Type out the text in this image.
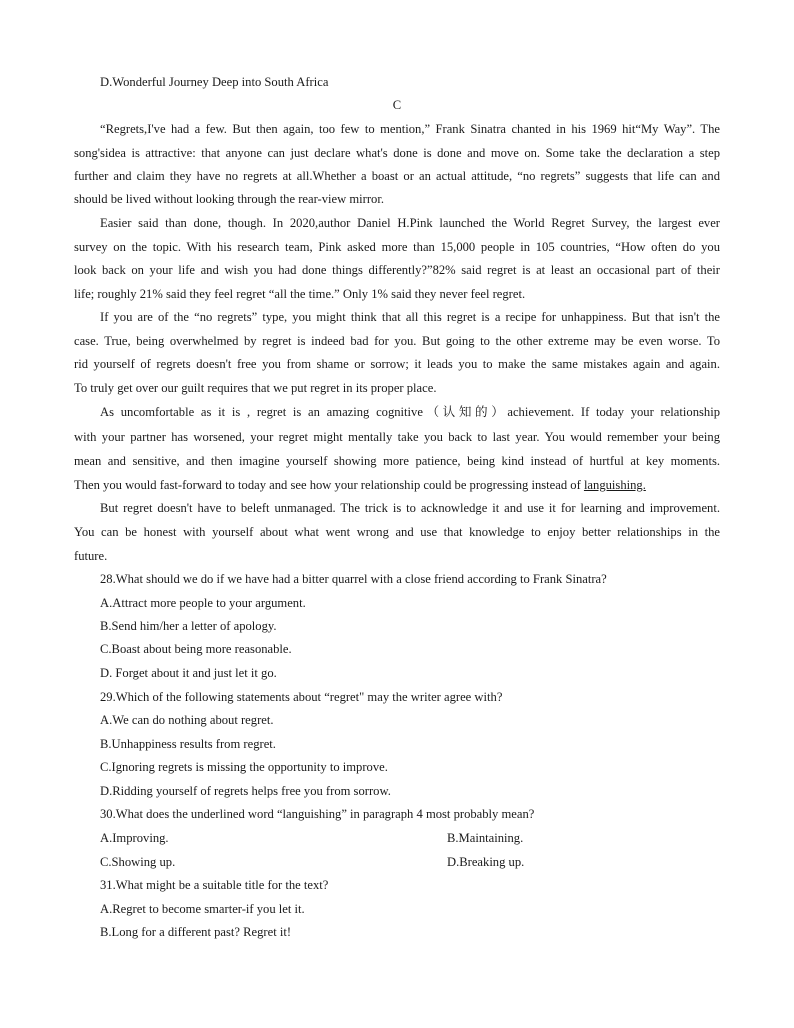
D.Wonderful Journey Deep into South Africa
C
“Regrets,I've had a few. But then again, too few to mention,” Frank Sinatra chanted in his 1969 hit“My Way”. The
song'sidea is attractive: that anyone can just declare what's done is done and move on. Some take the declaration a step
further and claim they have no regrets at all.Whether a boast or an actual attitude, “no regrets” suggests that life can and
should be lived without looking through the rear-view mirror.
Easier said than done, though. In 2020,author Daniel H.Pink launched the World Regret Survey, the largest ever
survey on the topic. With his research team, Pink asked more than 15,000 people in 105 countries, “How often do you
look back on your life and wish you had done things differently?”82% said regret is at least an occasional part of their
life; roughly 21% said they feel regret “all the time.” Only 1% said they never feel regret.
If you are of the “no regrets” type, you might think that all this regret is a recipe for unhappiness. But that isn't the
case. True, being overwhelmed by regret is indeed bad for you. But going to the other extreme may be even worse. To
rid yourself of regrets doesn't free you from shame or sorrow; it leads you to make the same mistakes again and again.
To truly get over our guilt requires that we put regret in its proper place.
As uncomfortable as it is , regret is an amazing cognitive（认知的）achievement. If today your relationship
with your partner has worsened, your regret might mentally take you back to last year. You would remember your being
mean and sensitive, and then imagine yourself showing more patience, being kind instead of hurtful at key moments.
Then you would fast-forward to today and see how your relationship could be progressing instead of languishing.
But regret doesn't have to beleft unmanaged. The trick is to acknowledge it and use it for learning and improvement.
You can be honest with yourself about what went wrong and use that knowledge to enjoy better relationships in the
future.
28.What should we do if we have had a bitter quarrel with a close friend according to Frank Sinatra?
A.Attract more people to your argument.
B.Send him/her a letter of apology.
C.Boast about being more reasonable.
D. Forget about it and just let it go.
29.Which of the following statements about “regret" may the writer agree with?
A.We can do nothing about regret.
B.Unhappiness results from regret.
C.Ignoring regrets is missing the opportunity to improve.
D.Ridding yourself of regrets helps free you from sorrow.
30.What does the underlined word “languishing” in paragraph 4 most probably mean?
A.Improving.	B.Maintaining.
C.Showing up.	D.Breaking up.
31.What might be a suitable title for the text?
A.Regret to become smarter-if you let it.
B.Long for a different past? Regret it!
